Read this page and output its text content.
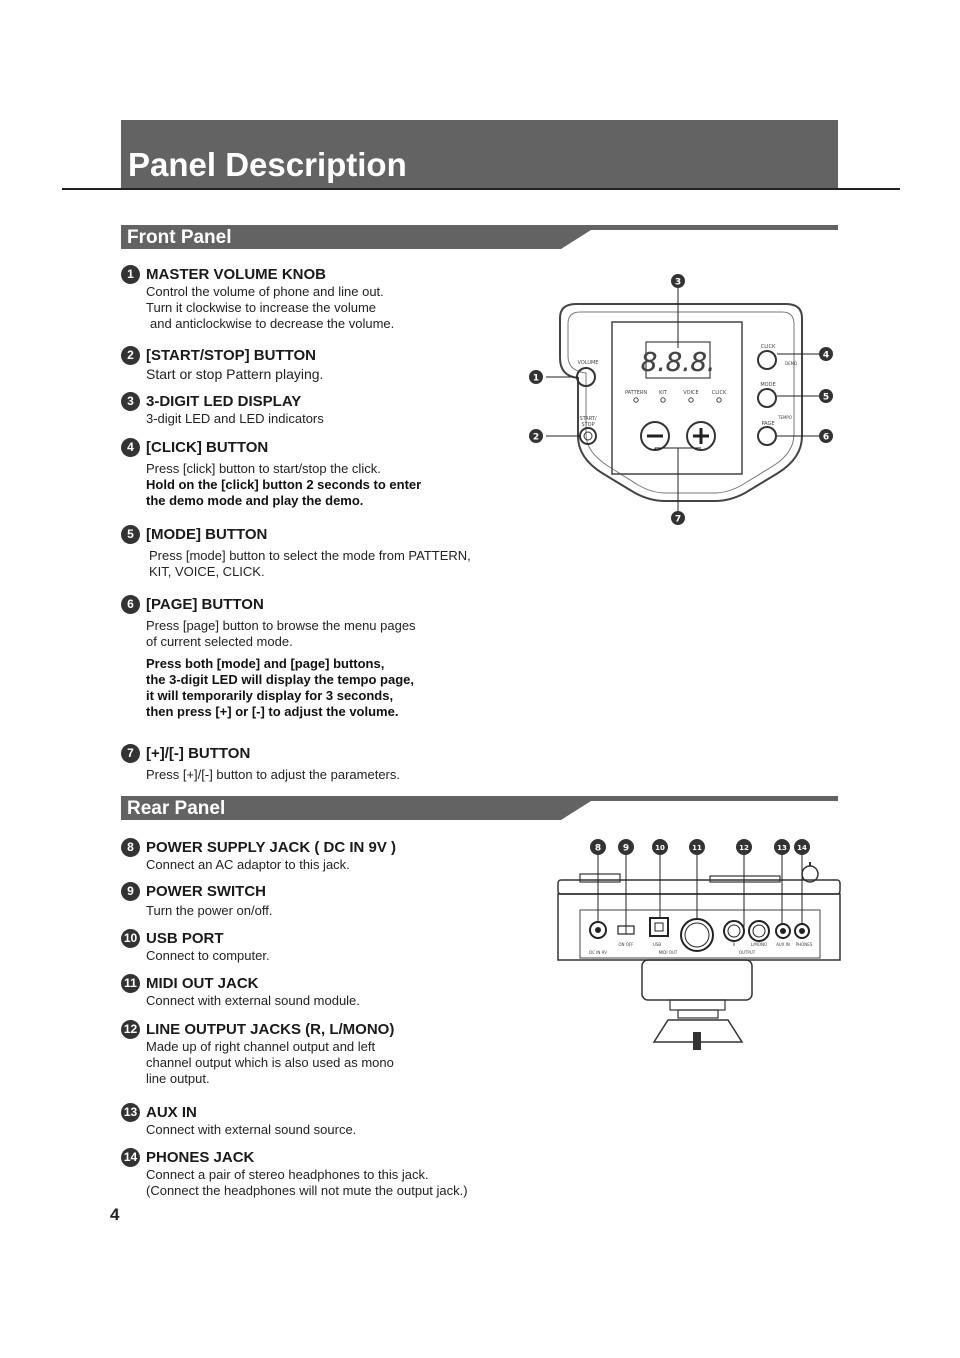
Panel Description
Front Panel
1 MASTER VOLUME KNOB

Control the volume of phone and line out.

Turn it clockwise to increase the volume

and anticlockwise to decrease the volume.

2 [START/STOP] BUTTON

Start or stop Pattern playing.

3 3-DIGIT LED DISPLAY

3-digit LED and LED indicators

4 [CLICK] BUTTON

Press [click] button to start/stop the click.

Hold on the [click] button 2 seconds to enter

the demo mode and play the demo.

5 [MODE] BUTTON

Press [mode] button to select the mode from PATTERN,

KIT, VOICE, CLICK.

6 [PAGE] BUTTON

Press [page] button to browse the menu pages

of current selected mode.

Press both [mode] and [page] buttons,

the 3-digit LED will display the tempo page,

it will temporarily display for 3 seconds,

then press [+] or [-] to adjust the volume.

7 [+]/[-] BUTTON

Press [+]/[-] button to adjust the parameters.

8.8.8.
PATTERN KIT	VOICE	CLICK
VOLUME
START/ STOP
CLICK
DEMO
MODE
TEMPO
PAGE
3
1
2
4
5
6
7
Rear Panel
8 POWER SUPPLY JACK ( DC IN 9V )

Connect an AC adaptor to this jack.

9 POWER SWITCH

Turn the power on/off.

10 USB PORT

Connect to computer.

11 MIDI OUT JACK

Connect with external sound module.

12 LINE OUTPUT JACKS (R, L/MONO)

Made up of right channel output and left

channel output which is also used as mono

line output.

13 AUX IN

Connect with external sound source.

14 PHONES JACK

Connect a pair of stereo headphones to this jack.

(Connect the headphones will not mute the output jack.)

DC IN 9V
ON OFF	USB
MIDI OUT
R	L/MONO AUX IN PHONES
OUTPUT
8 9	10	11	12	13 14
4
